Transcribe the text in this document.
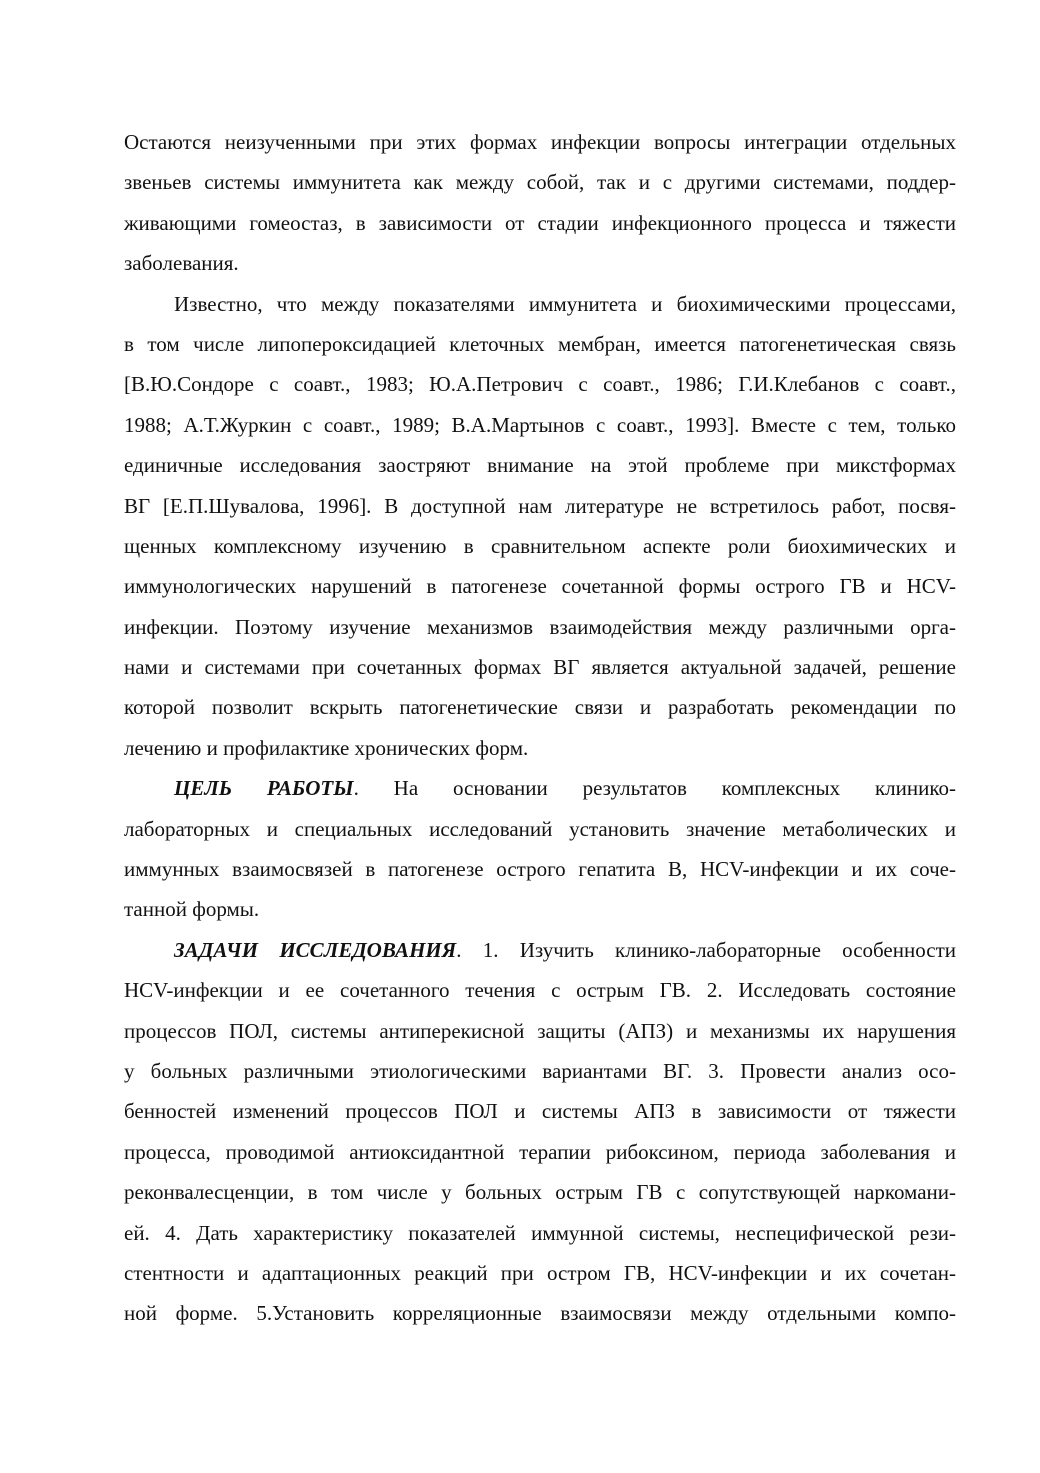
Остаются неизученными при этих формах инфекции вопросы интеграции отдельных
звеньев системы иммунитета как между собой, так и с другими системами, поддер-
живающими гомеостаз, в зависимости от стадии инфекционного процесса и тяжести
заболевания.
Известно, что между показателями иммунитета и биохимическими процессами,
в том числе липопероксидацией клеточных мембран, имеется патогенетическая связь
[В.Ю.Сондоре с соавт., 1983; Ю.А.Петрович с соавт., 1986; Г.И.Клебанов с соавт.,
1988; А.Т.Журкин с соавт., 1989; В.А.Мартынов с соавт., 1993]. Вместе с тем, только
единичные исследования заостряют внимание на этой проблеме при микстформах
ВГ [Е.П.Шувалова, 1996]. В доступной нам литературе не встретилось работ, посвя-
щенных комплексному изучению в сравнительном аспекте роли биохимических и
иммунологических нарушений в патогенезе сочетанной формы острого ГВ и HCV-
инфекции. Поэтому изучение механизмов взаимодействия между различными орга-
нами и системами при сочетанных формах ВГ является актуальной задачей, решение
которой позволит вскрыть патогенетические связи и разработать рекомендации по
лечению и профилактике хронических форм.
ЦЕЛЬ РАБОТЫ. На основании результатов комплексных клинико-
лабораторных и специальных исследований установить значение метаболических и
иммунных взаимосвязей в патогенезе острого гепатита В, HCV-инфекции и их соче-
танной формы.
ЗАДАЧИ ИССЛЕДОВАНИЯ. 1. Изучить клинико-лабораторные особенности
HCV-инфекции и ее сочетанного течения с острым ГВ. 2. Исследовать состояние
процессов ПОЛ, системы антиперекисной защиты (АПЗ) и механизмы их нарушения
у больных различными этиологическими вариантами ВГ. 3. Провести анализ осо-
бенностей изменений процессов ПОЛ и системы АПЗ в зависимости от тяжести
процесса, проводимой антиоксидантной терапии рибоксином, периода заболевания и
реконвалесценции, в том числе у больных острым ГВ с сопутствующей наркомани-
ей. 4. Дать характеристику показателей иммунной системы, неспецифической рези-
стентности и адаптационных реакций при остром ГВ, HCV-инфекции и их сочетан-
ной форме. 5.Установить корреляционные взаимосвязи между отдельными компо-
